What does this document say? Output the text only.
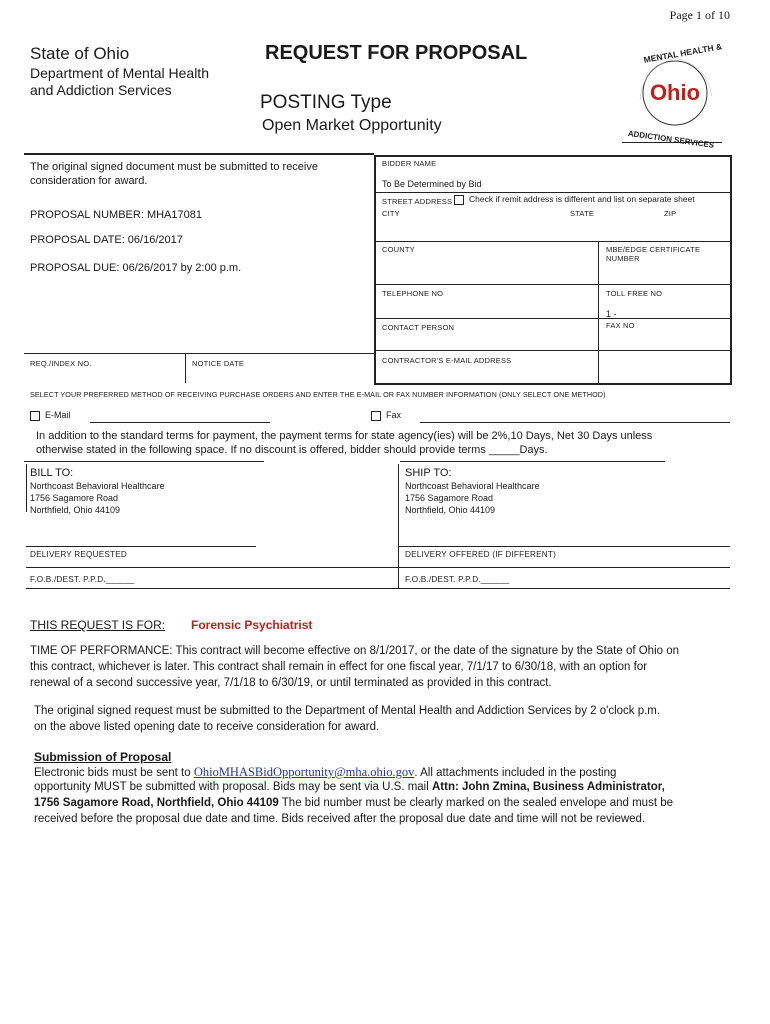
Page 1 of 10
State of Ohio
Department of Mental Health
and Addiction Services
REQUEST FOR PROPOSAL
POSTING Type
Open Market Opportunity
Ohio
MENTAL HEALTH &
ADDICTION SERVICES
The original signed document must be submitted to receive consideration for award.
PROPOSAL NUMBER: MHA17081
PROPOSAL DATE: 06/16/2017
PROPOSAL DUE: 06/26/2017 by 2:00 p.m.
REQ./INDEX NO.	NOTICE DATE
BIDDER NAME
To Be Determined by Bid
STREET ADDRESS	Check if remit address is different and list on separate sheet
CITY	STATE	ZIP
COUNTY	MBE/EDGE CERTIFICATE
NUMBER
TELEPHONE NO	TOLL FREE NO
1 -
CONTACT PERSON	FAX NO
CONTRACTOR'S E-MAIL ADDRESS
SELECT YOUR PREFERRED METHOD OF RECEIVING PURCHASE ORDERS AND ENTER THE E-MAIL OR FAX NUMBER INFORMATION (ONLY SELECT ONE METHOD)
E-Mail	Fax
In addition to the standard terms for payment, the payment terms for state agency(ies) will be 2%,10 Days, Net 30 Days unless
otherwise stated in the following space. If no discount is offered, bidder should provide terms _____Days.
BILL TO:
Northcoast Behavioral Healthcare
1756 Sagamore Road
Northfield, Ohio 44109
SHIP TO:
Northcoast Behavioral Healthcare
1756 Sagamore Road
Northfield, Ohio 44109
DELIVERY REQUESTED	DELIVERY OFFERED (IF DIFFERENT)
F.O.B./DEST. P.P.D.______	F.O.B./DEST. P.P.D.______
THIS REQUEST IS FOR: Forensic Psychiatrist
TIME OF PERFORMANCE: This contract will become effective on 8/1/2017, or the date of the signature by the State of Ohio on
this contract, whichever is later. This contract shall remain in effect for one fiscal year, 7/1/17 to 6/30/18, with an option for
renewal of a second successive year, 7/1/18 to 6/30/19, or until terminated as provided in this contract.
The original signed request must be submitted to the Department of Mental Health and Addiction Services by 2 o'clock p.m.
on the above listed opening date to receive consideration for award.
Submission of Proposal
Electronic bids must be sent to OhioMHASBidOpportunity@mha.ohio.gov. All attachments included in the posting
opportunity MUST be submitted with proposal. Bids may be sent via U.S. mail Attn: John Zmina, Business Administrator,
1756 Sagamore Road, Northfield, Ohio 44109 The bid number must be clearly marked on the sealed envelope and must be
received before the proposal due date and time. Bids received after the proposal due date and time will not be reviewed.
